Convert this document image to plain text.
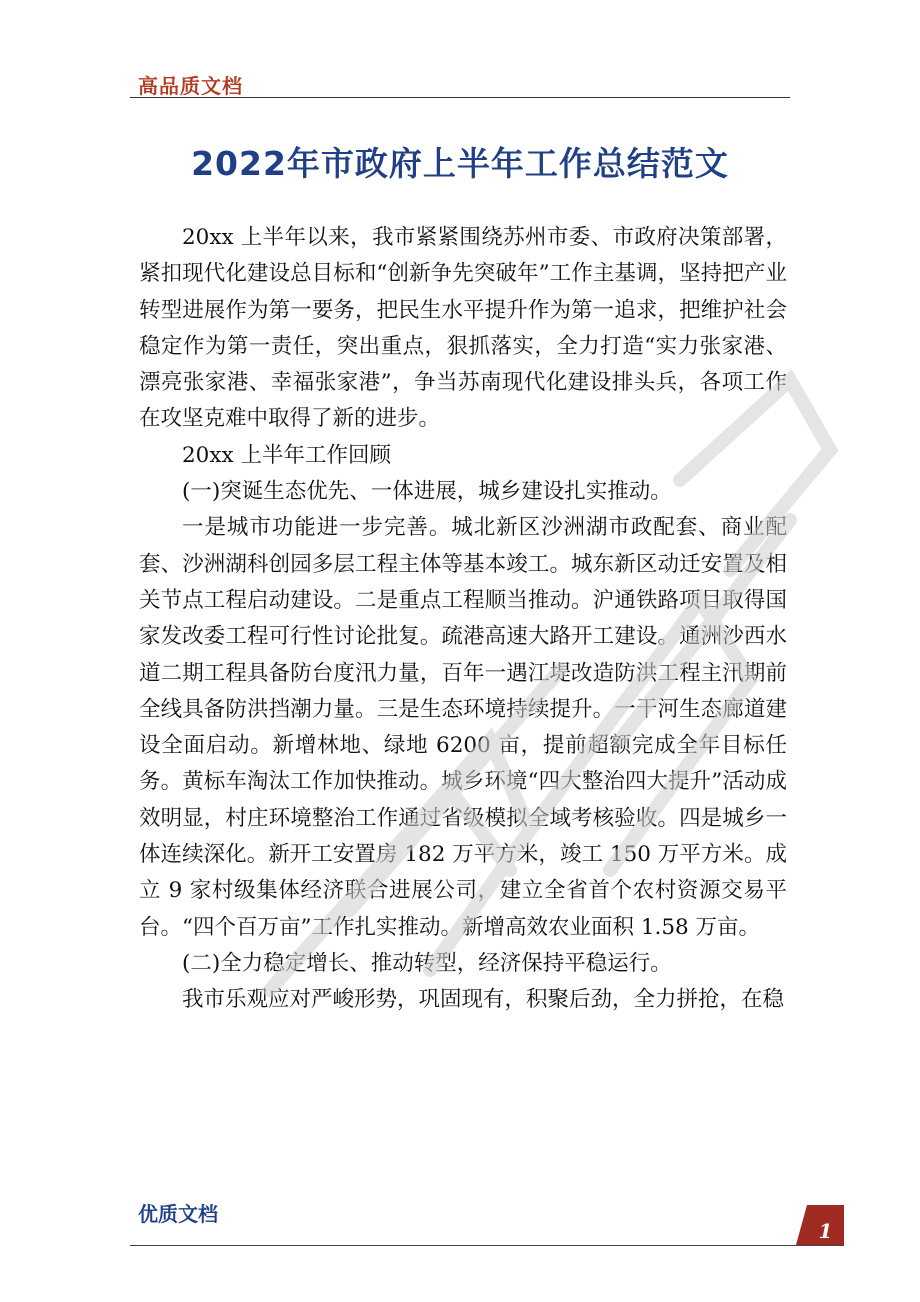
高品质文档
2022年市政府上半年工作总结范文

20xx 上半年以来，我市紧紧围绕苏州市委、市政府决策部署，紧扣现代化建设总目标和“创新争先突破年”工作主基调，坚持把产业转型进展作为第一要务，把民生水平提升作为第一追求，把维护社会稳定作为第一责任，突出重点，狠抓落实，全力打造“实力张家港、漂亮张家港、幸福张家港”，争当苏南现代化建设排头兵，各项工作在攻坚克难中取得了新的进步。

20xx 上半年工作回顾

(一)突诞生态优先、一体进展，城乡建设扎实推动。

一是城市功能进一步完善。城北新区沙洲湖市政配套、商业配套、沙洲湖科创园多层工程主体等基本竣工。城东新区动迁安置及相关节点工程启动建设。二是重点工程顺当推动。沪通铁路项目取得国家发改委工程可行性讨论批复。疏港高速大路开工建设。通洲沙西水道二期工程具备防台度汛力量，百年一遇江堤改造防洪工程主汛期前全线具备防洪挡潮力量。三是生态环境持续提升。一干河生态廊道建设全面启动。新增林地、绿地 6200 亩，提前超额完成全年目标任务。黄标车淘汰工作加快推动。城乡环境“四大整治四大提升”活动成效明显，村庄环境整治工作通过省级模拟全域考核验收。四是城乡一体连续深化。新开工安置房 182 万平方米，竣工 150 万平方米。成立 9 家村级集体经济联合进展公司，建立全省首个农村资源交易平台。“四个百万亩”工作扎实推动。新增高效农业面积 1.58 万亩。

(二)全力稳定增长、推动转型，经济保持平稳运行。

我市乐观应对严峻形势，巩固现有，积聚后劲，全力拼抢，在稳

优质文档
1
